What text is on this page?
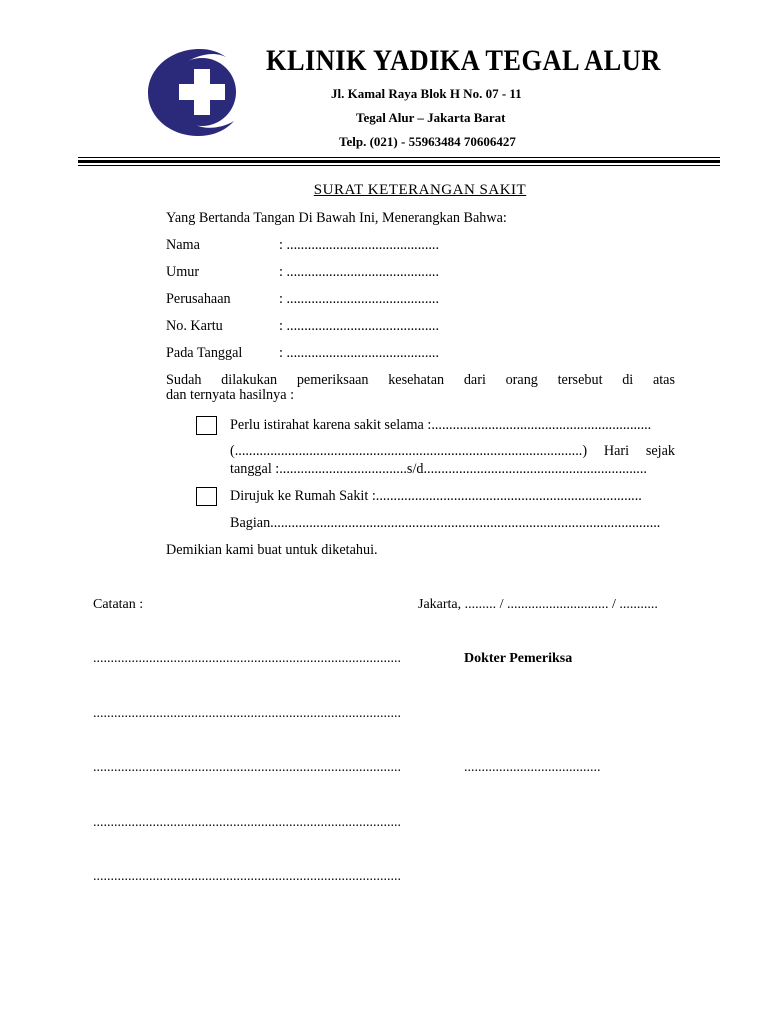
KLINIK YADIKA TEGAL ALUR
Jl. Kamal Raya Blok H No. 07 - 11
Tegal Alur – Jakarta Barat
Telp. (021) - 55963484 70606427
SURAT KETERANGAN SAKIT
Yang Bertanda Tangan Di Bawah Ini, Menerangkan Bahwa:
Nama	: ...........................................
Umur	: ...........................................
Perusahaan	: ...........................................
No. Kartu	: ...........................................
Pada Tanggal	: ...........................................
Sudah dilakukan pemeriksaan kesehatan dari orang tersebut di atas
dan ternyata hasilnya :
Perlu istirahat karena sakit selama :..............................................................
(..................................................................................................) Hari sejak
tanggal :....................................s/d...............................................................
Dirujuk ke Rumah Sakit :...........................................................................
Bagian..............................................................................................................
Demikian kami buat untuk diketahui.
Catatan :
........................................................................................
........................................................................................
........................................................................................
........................................................................................
........................................................................................
Jakarta, ......... / ............................. / ...........
Dokter Pemeriksa
.......................................
